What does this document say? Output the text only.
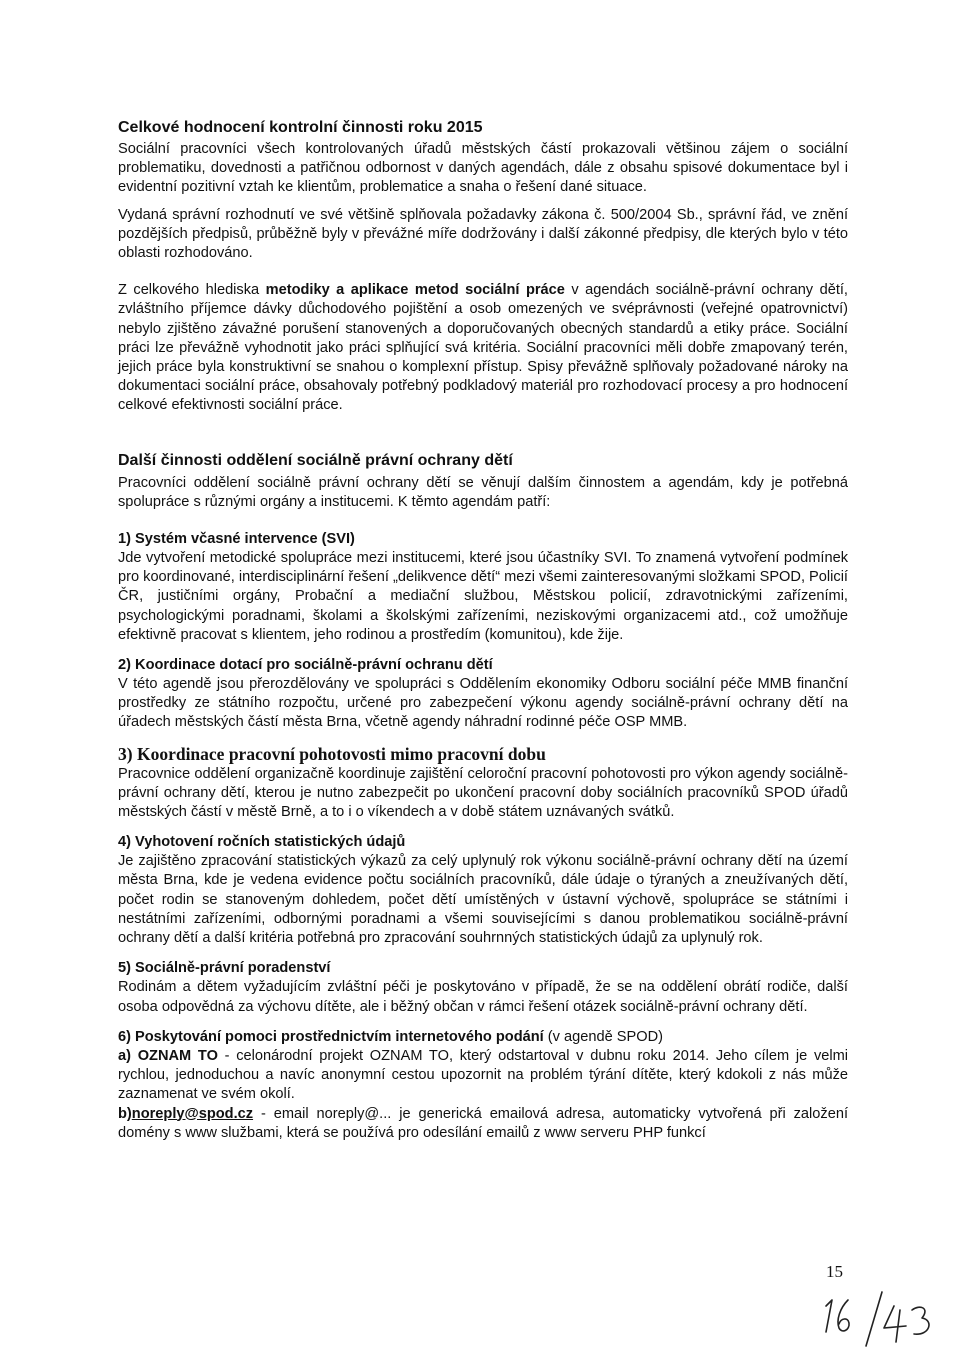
Celkové hodnocení kontrolní činnosti roku 2015

Sociální pracovníci všech kontrolovaných úřadů městských částí prokazovali většinou zájem o sociální problematiku, dovednosti a patřičnou odbornost v daných agendách, dále z obsahu spisové dokumentace byl i evidentní pozitivní vztah ke klientům, problematice a snaha o řešení dané situace.

Vydaná správní rozhodnutí ve své většině splňovala požadavky zákona č. 500/2004 Sb., správní řád, ve znění pozdějších předpisů, průběžně byly v převážné míře dodržovány i další zákonné předpisy, dle kterých bylo v této oblasti rozhodováno.

Z celkového hlediska metodiky a aplikace metod sociální práce v agendách sociálně-právní ochrany dětí, zvláštního příjemce dávky důchodového pojištění a osob omezených ve svéprávnosti (veřejné opatrovnictví) nebylo zjištěno závažné porušení stanovených a doporučovaných obecných standardů a etiky práce. Sociální práci lze převážně vyhodnotit jako práci splňující svá kritéria. Sociální pracovníci měli dobře zmapovaný terén, jejich práce byla konstruktivní se snahou o komplexní přístup. Spisy převážně splňovaly požadované nároky na dokumentaci sociální práce, obsahovaly potřebný podkladový materiál pro rozhodovací procesy a pro hodnocení celkové efektivnosti sociální práce.

Další činnosti oddělení sociálně právní ochrany dětí

Pracovníci oddělení sociálně právní ochrany dětí se věnují dalším činnostem a agendám, kdy je potřebná spolupráce s různými orgány a institucemi. K těmto agendám patří:

1) Systém včasné intervence (SVI)

Jde vytvoření metodické spolupráce mezi institucemi, které jsou účastníky SVI. To znamená vytvoření podmínek pro koordinované, interdisciplinární řešení „delikvence dětí“ mezi všemi zainteresovanými složkami SPOD, Policií ČR, justičními orgány, Probační a mediační službou, Městskou policií, zdravotnickými zařízeními, psychologickými poradnami, školami a školskými zařízeními, neziskovými organizacemi atd., což umožňuje efektivně pracovat s klientem, jeho rodinou a prostředím (komunitou), kde žije.

2) Koordinace dotací pro sociálně-právní ochranu dětí

V této agendě jsou přerozdělovány ve spolupráci s Oddělením ekonomiky Odboru sociální péče MMB finanční prostředky ze státního rozpočtu, určené pro zabezpečení výkonu agendy sociálně-právní ochrany dětí na úřadech městských částí města Brna, včetně agendy náhradní rodinné péče OSP MMB.

3) Koordinace pracovní pohotovosti mimo pracovní dobu

Pracovnice oddělení organizačně koordinuje zajištění celoroční pracovní pohotovosti pro výkon agendy sociálně-právní ochrany dětí, kterou je nutno zabezpečit po ukončení pracovní doby sociálních pracovníků SPOD úřadů městských částí v městě Brně, a to i o víkendech a v době státem uznávaných svátků.

4) Vyhotovení ročních statistických údajů

Je zajištěno zpracování statistických výkazů za celý uplynulý rok výkonu sociálně-právní ochrany dětí na území města Brna, kde je vedena evidence počtu sociálních pracovníků, dále údaje o týraných a zneužívaných dětí, počet rodin se stanoveným dohledem, počet dětí umístěných v ústavní výchově, spolupráce se státními i nestátními zařízeními, odbornými poradnami a všemi souvisejícími s danou problematikou sociálně-právní ochrany dětí a další kritéria potřebná pro zpracování souhrnných statistických údajů za uplynulý rok.

5) Sociálně-právní poradenství

Rodinám a dětem vyžadujícím zvláštní péči je poskytováno v případě, že se na oddělení obrátí rodiče, další osoba odpovědná za výchovu dítěte, ale i běžný občan v rámci řešení otázek sociálně-právní ochrany dětí.

6) Poskytování pomoci prostřednictvím internetového podání (v agendě SPOD)

a) OZNAM TO - celonárodní projekt OZNAM TO, který odstartoval v dubnu roku 2014. Jeho cílem je velmi rychlou, jednoduchou a navíc anonymní cestou upozornit na problém týrání dítěte, který kdokoli z nás může zaznamenat ve svém okolí.

b)noreply@spod.cz - email noreply@... je generická emailová adresa, automaticky vytvořená při založení domény s www službami, která se používá pro odesílání emailů z www serveru PHP funkcí

15
